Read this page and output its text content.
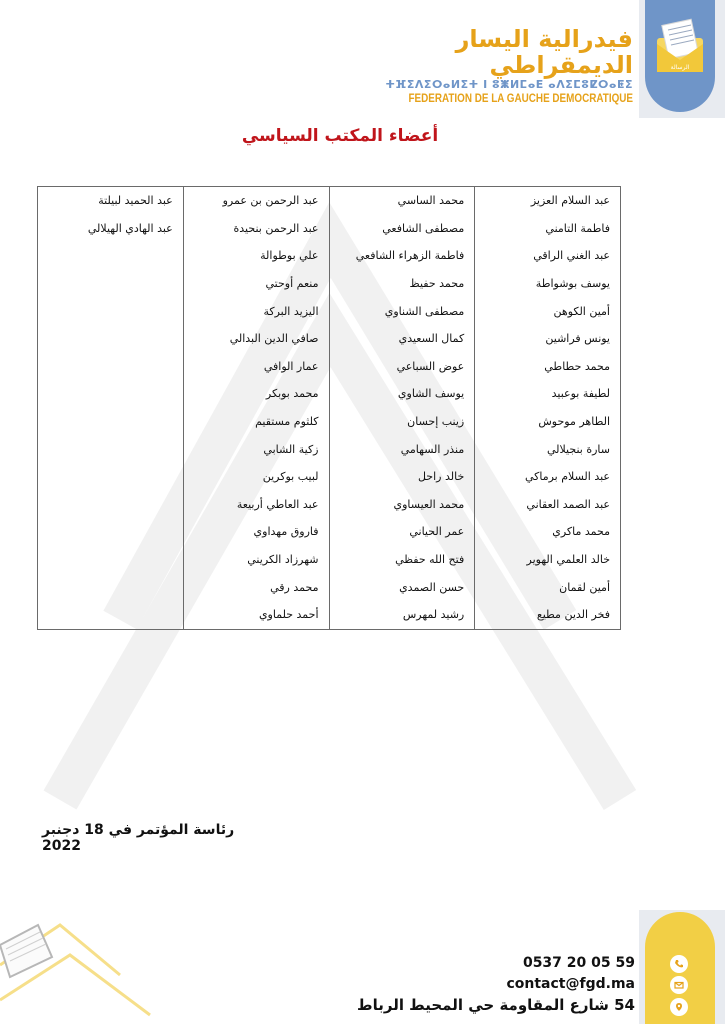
الرسالة
فيدرالية اليسار الديمقراطي
ⵜⴼⵉⴷⵉⵔⴰⵍⵉⵜ ⵏ ⵓⵥⵍⵎⴰⴹ ⴰⴷⵉⵎⵓⵇⵔⴰⵟⵉ
FEDERATION DE LA GAUCHE DEMOCRATIQUE
أعضاء المكتب السياسي
عبد السلام العزيز	محمد الساسي	عبد الرحمن بن عمرو	عبد الحميد لبيلتة
فاطمة التامني	مصطفى الشافعي	عبد الرحمن بنحيدة	عبد الهادي الهيلالي
عبد الغني الراقي	فاطمة الزهراء الشافعي	علي بوطوالة	
يوسف بوشواطة	محمد حفيظ	منعم أوحتي	
أمين الكوهن	مصطفى الشناوي	اليزيد البركة	
يونس فراشين	كمال السعيدي	صافي الدين البدالي	
محمد حطاطي	عوض السباعي	عمار الوافي	
لطيفة بوعبيد	يوسف الشاوي	محمد بوبكر	
الطاهر موحوش	زينب إحسان	كلثوم مستقيم	
سارة بنجيلالي	منذر السهامي	زكية الشابي	
عبد السلام برماكي	خالد راحل	لبيب بوكرين	
عبد الصمد العقاني	محمد العيساوي	عبد العاطي أربيعة	
محمد ماكري	عمر الحياني	فاروق مهداوي	
خالد العلمي الهوير	فتح الله حفظي	شهرزاد الكريني	
أمين لقمان	حسن الصمدي	محمد رقي	
فخر الدين مطيع	رشيد لمهرس	أحمد حلماوي	
رئاسة المؤتمر في 18 دجنبر 2022
0537 20 05 59
contact@fgd.ma
54 شارع المقاومة حي المحيط الرباط
